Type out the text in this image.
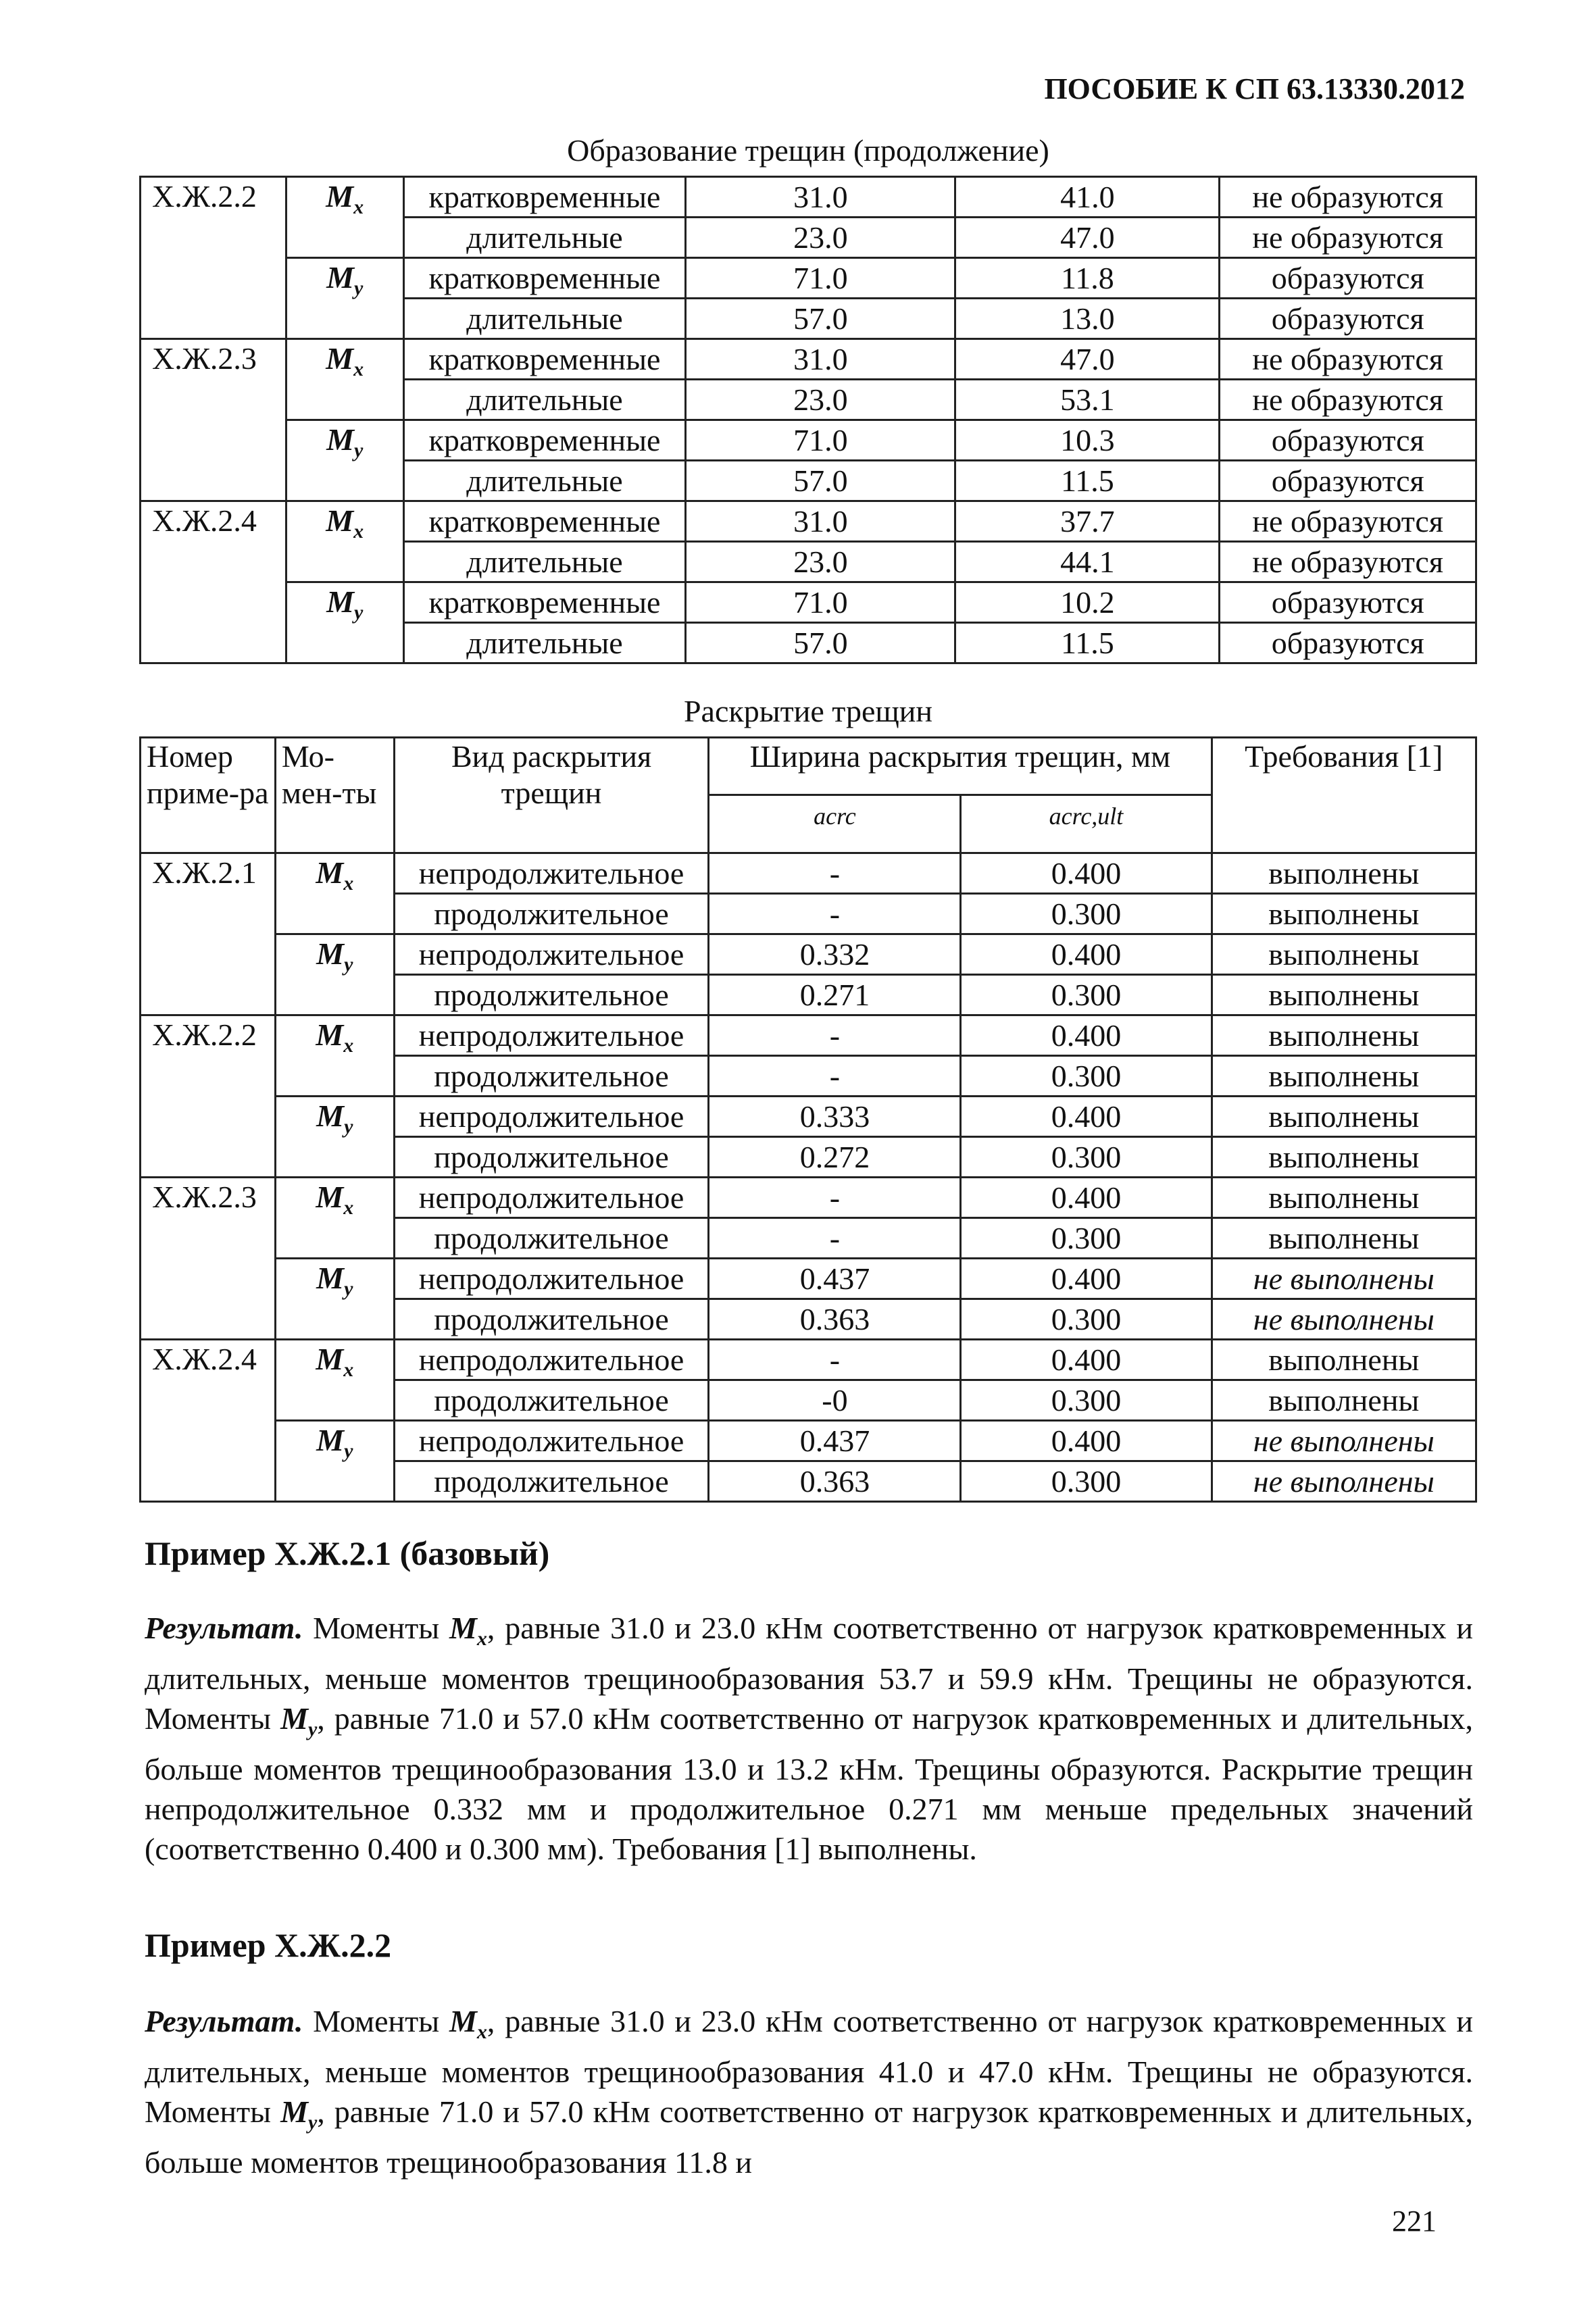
ПОСОБИЕ К СП 63.13330.2012
Образование трещин (продолжение)
Х.Ж.2.2	$M_x$	кратковременные	31.0	41.0	не образуются
		длительные	23.0	47.0	не образуются
	$M_y$	кратковременные	71.0	11.8	образуются
		длительные	57.0	13.0	образуются
Х.Ж.2.3	$M_x$	кратковременные	31.0	47.0	не образуются
		длительные	23.0	53.1	не образуются
	$M_y$	кратковременные	71.0	10.3	образуются
		длительные	57.0	11.5	образуются
Х.Ж.2.4	$M_x$	кратковременные	31.0	37.7	не образуются
		длительные	23.0	44.1	не образуются
	$M_y$	кратковременные	71.0	10.2	образуются
		длительные	57.0	11.5	образуются
Раскрытие трещин
Номер приме-ра	Мо-мен-ты	Вид раскрытия трещин	Ширина раскрытия трещин, мм		Требования [1]
			acrc	acrc,ult	
Х.Ж.2.1	$M_x$	непродолжительное	-	0.400	выполнены
		продолжительное	-	0.300	выполнены
	$M_y$	непродолжительное	0.332	0.400	выполнены
		продолжительное	0.271	0.300	выполнены
Х.Ж.2.2	$M_x$	непродолжительное	-	0.400	выполнены
		продолжительное	-	0.300	выполнены
	$M_y$	непродолжительное	0.333	0.400	выполнены
		продолжительное	0.272	0.300	выполнены
Х.Ж.2.3	$M_x$	непродолжительное	-	0.400	выполнены
		продолжительное	-	0.300	выполнены
	$M_y$	непродолжительное	0.437	0.400	не выполнены
		продолжительное	0.363	0.300	не выполнены
Х.Ж.2.4	$M_x$	непродолжительное	-	0.400	выполнены
		продолжительное	-0	0.300	выполнены
	$M_y$	непродолжительное	0.437	0.400	не выполнены
		продолжительное	0.363	0.300	не выполнены
Пример Х.Ж.2.1 (базовый)
Результат. Моменты $M_x$, равные 31.0 и 23.0 кНм соответственно от нагрузок кратковременных и длительных, меньше моментов трещинообразования 53.7 и 59.9 кНм. Трещины не образуются. Моменты $M_y$, равные 71.0 и 57.0 кНм соответственно от нагрузок кратковременных и длительных, больше моментов трещинообразования 13.0 и 13.2 кНм. Трещины образуются. Раскрытие трещин непродолжительное 0.332 мм и продолжительное 0.271 мм меньше предельных значений (соответственно 0.400 и 0.300 мм). Требования [1] выполнены.
Пример Х.Ж.2.2
Результат. Моменты $M_x$, равные 31.0 и 23.0 кНм соответственно от нагрузок кратковременных и длительных, меньше моментов трещинообразования 41.0 и 47.0 кНм. Трещины не образуются. Моменты $M_y$, равные 71.0 и 57.0 кНм соответственно от нагрузок кратковременных и длительных, больше моментов трещинообразования 11.8 и
221
